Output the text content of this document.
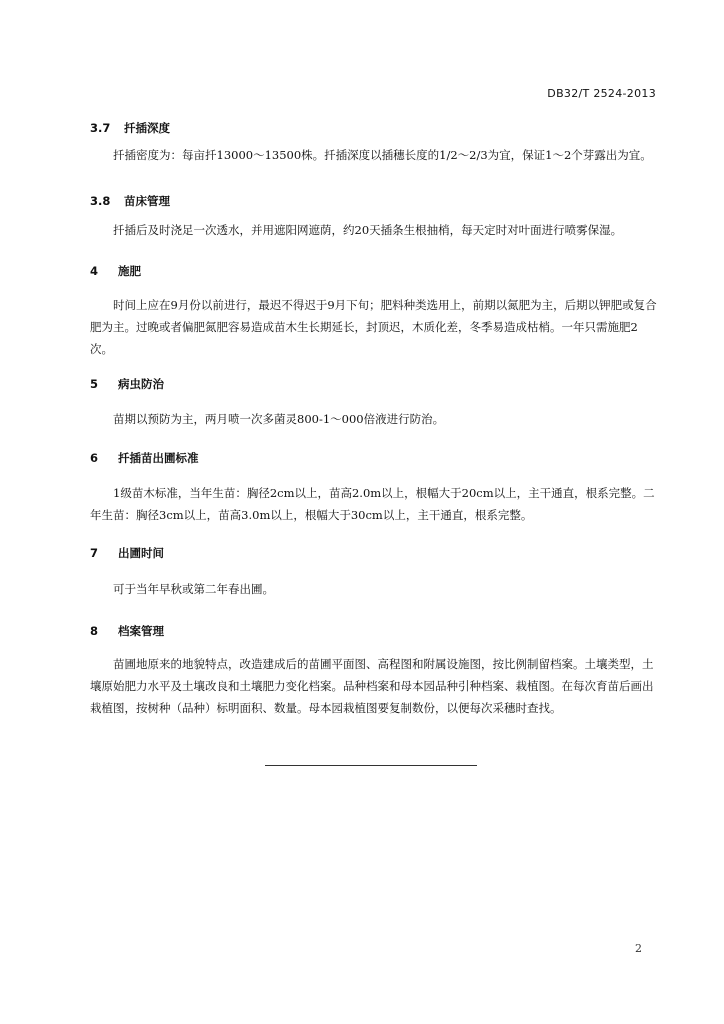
DB32/T 2524-2013
3.7 扦插深度

扦插密度为：每亩扦13000～13500株。扦插深度以插穗长度的1/2～2/3为宜，保证1～2个芽露出为宜。

3.8 苗床管理

扦插后及时浇足一次透水，并用遮阳网遮荫，约20天插条生根抽梢，每天定时对叶面进行喷雾保湿。

4 施肥

时间上应在9月份以前进行，最迟不得迟于9月下旬；肥料种类选用上，前期以氮肥为主，后期以钾肥或复合肥为主。过晚或者偏肥氮肥容易造成苗木生长期延长，封顶迟，木质化差，冬季易造成枯梢。一年只需施肥2次。

5 病虫防治

苗期以预防为主，两月喷一次多菌灵800-1～000倍液进行防治。

6 扦插苗出圃标准

1级苗木标准，当年生苗：胸径2cm以上，苗高2.0m以上，根幅大于20cm以上，主干通直，根系完整。二年生苗：胸径3cm以上，苗高3.0m以上，根幅大于30cm以上，主干通直，根系完整。

7 出圃时间

可于当年早秋或第二年春出圃。

8 档案管理

苗圃地原来的地貌特点，改造建成后的苗圃平面图、高程图和附属设施图，按比例制留档案。土壤类型，土壤原始肥力水平及土壤改良和土壤肥力变化档案。品种档案和母本园品种引种档案、栽植图。在每次育苗后画出栽植图，按树种（品种）标明面积、数量。母本园栽植图要复制数份，以便每次采穗时查找。

2
